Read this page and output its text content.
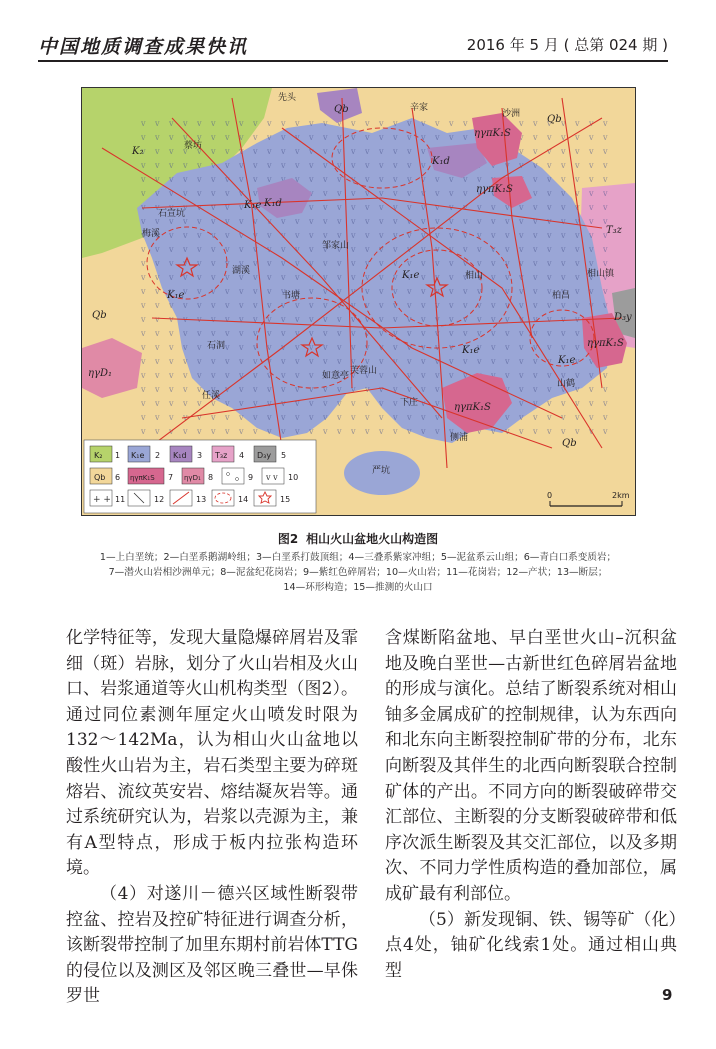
中国地质调查成果快讯	2016 年 5 月 ( 总第 024 期 )
先头
辛家
沙洲
蔡坊
石宣坑
梅溪
邹家山
湖溪	相山
书塘	柏昌
相山镇
石洞
如意亭 芙蓉山
山鹤
任溪
下庄
侧浦
严坑
Qb
Qb
Qb
Qb
K₂
K₁e
K₁e
K₁e
K₁e
K₁e
K₁d
K₁d
ηγπK₁S
ηγπK₁S
ηγπK₁S
ηγπK₁S
ηγD₁
T₃z
D₃y
v v
+ +
1
K₂	2
K₁e	3
K₁d	4
T₃z	5
D₃y
6
Qb	7
ηγπK₁S	8
ηγD₁	9	10
11	12	13	14	15	0	2km
图2 相山火山盆地火山构造图
1—上白垩统；2—白垩系鹅湖岭组；3—白垩系打鼓顶组；4—三叠系紫家冲组；5—泥盆系云山组；6—青白口系变质岩；
7—潜火山岩相沙洲单元；8—泥盆纪花岗岩；9—紫红色碎屑岩；10—火山岩；11—花岗岩；12—产状；13—断层；
14—环形构造；15—推测的火山口

化学特征等，发现大量隐爆碎屑岩及霏细（斑）岩脉，划分了火山岩相及火山口、岩浆通道等火山机构类型（图2）。通过同位素测年厘定火山喷发时限为132～142Ma，认为相山火山盆地以酸性火山岩为主，岩石类型主要为碎斑熔岩、流纹英安岩、熔结凝灰岩等。通过系统研究认为，岩浆以壳源为主，兼有A型特点，形成于板内拉张构造环境。

（4）对遂川－德兴区域性断裂带控盆、控岩及控矿特征进行调查分析，该断裂带控制了加里东期村前岩体TTG的侵位以及测区及邻区晚三叠世—早侏罗世

含煤断陷盆地、早白垩世火山–沉积盆地及晚白垩世—古新世红色碎屑岩盆地的形成与演化。总结了断裂系统对相山铀多金属成矿的控制规律，认为东西向和北东向主断裂控制矿带的分布，北东向断裂及其伴生的北西向断裂联合控制矿体的产出。不同方向的断裂破碎带交汇部位、主断裂的分支断裂破碎带和低序次派生断裂及其交汇部位，以及多期次、不同力学性质构造的叠加部位，属成矿最有利部位。

（5）新发现铜、铁、锡等矿（化）点4处，铀矿化线索1处。通过相山典型

9
